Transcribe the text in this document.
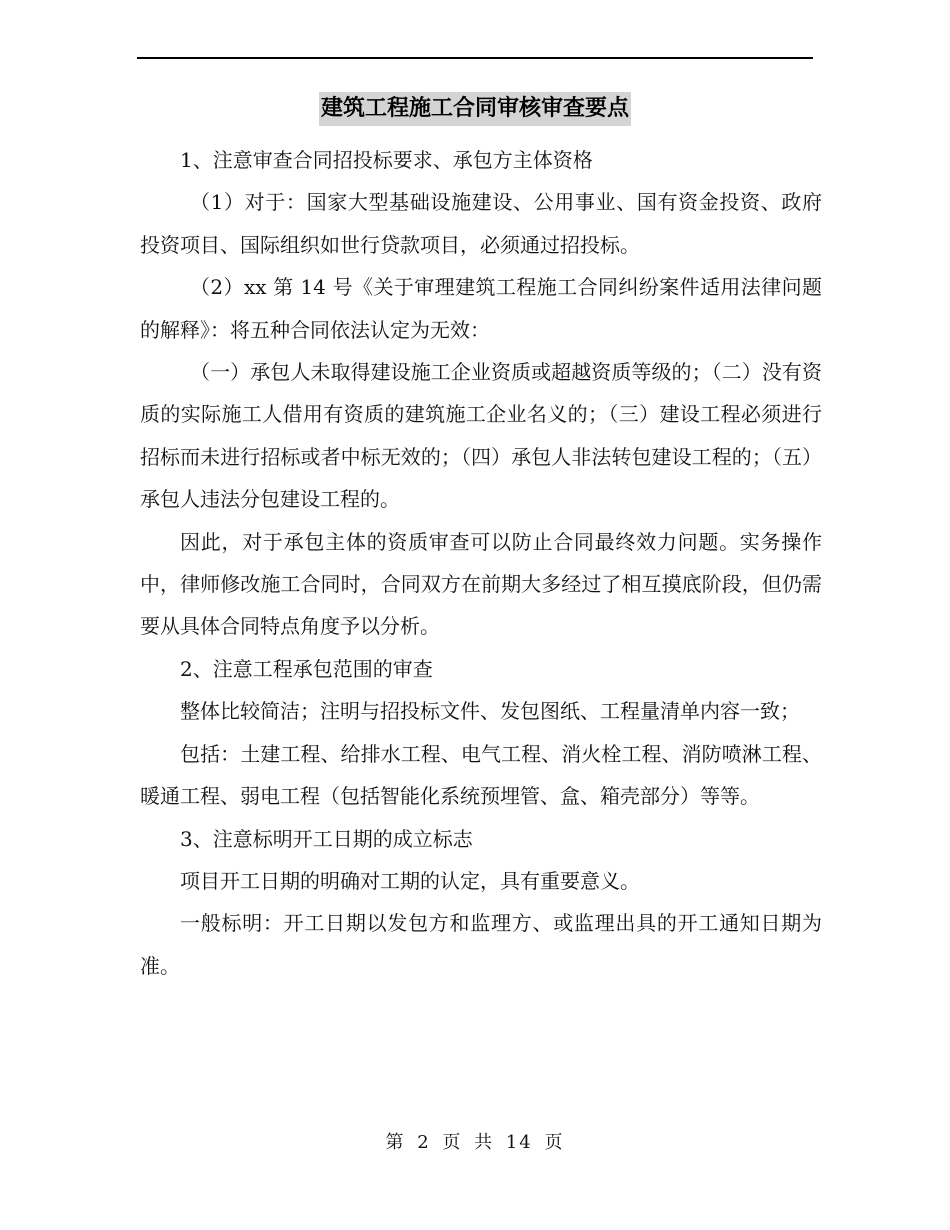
建筑工程施工合同审核审查要点

1、注意审查合同招投标要求、承包方主体资格

（1）对于：国家大型基础设施建设、公用事业、国有资金投资、政府投资项目、国际组织如世行贷款项目，必须通过招投标。

（2）xx 第 14 号《关于审理建筑工程施工合同纠纷案件适用法律问题的解释》：将五种合同依法认定为无效：

（一）承包人未取得建设施工企业资质或超越资质等级的；（二）没有资质的实际施工人借用有资质的建筑施工企业名义的；（三）建设工程必须进行招标而未进行招标或者中标无效的；（四）承包人非法转包建设工程的；（五）承包人违法分包建设工程的。

因此，对于承包主体的资质审查可以防止合同最终效力问题。实务操作中，律师修改施工合同时，合同双方在前期大多经过了相互摸底阶段，但仍需要从具体合同特点角度予以分析。

2、注意工程承包范围的审查

整体比较简洁；注明与招投标文件、发包图纸、工程量清单内容一致；

包括：土建工程、给排水工程、电气工程、消火栓工程、消防喷淋工程、暖通工程、弱电工程（包括智能化系统预埋管、盒、箱壳部分）等等。

3、注意标明开工日期的成立标志

项目开工日期的明确对工期的认定，具有重要意义。

一般标明：开工日期以发包方和监理方、或监理出具的开工通知日期为准。

第 2 页 共 14 页
